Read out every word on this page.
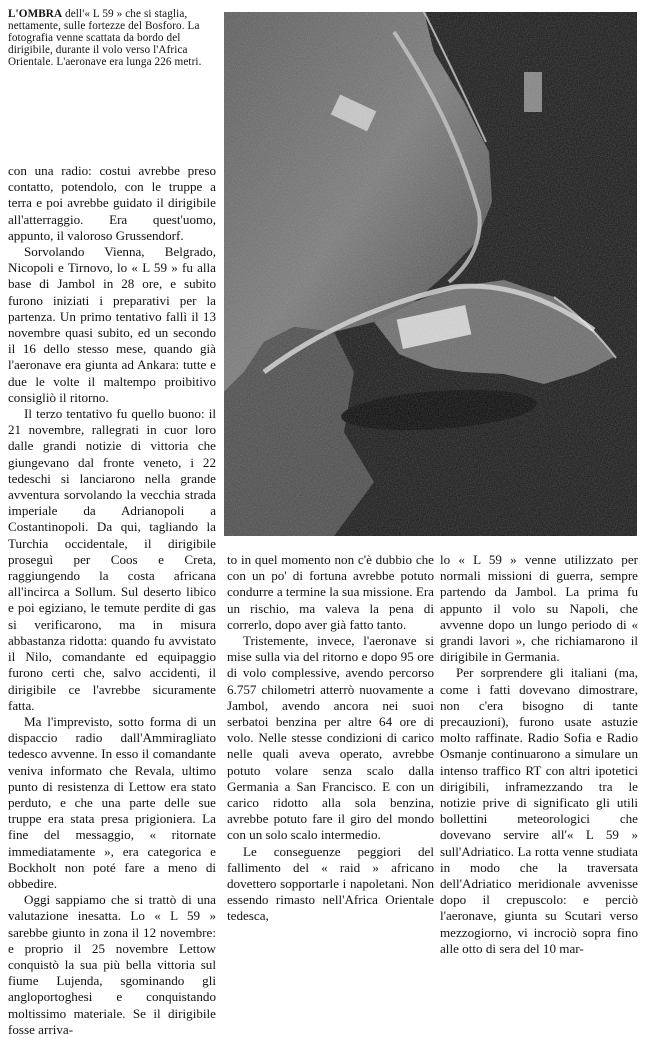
L'OMBRA dell'« L 59 » che si staglia, nettamente, sulle fortezze del Bosforo. La fotografia venne scattata da bordo del dirigibile, durante il volo verso l'Africa Orientale. L'aeronave era lunga 226 metri.

con una radio: costui avrebbe preso contatto, potendolo, con le truppe a terra e poi avrebbe guidato il dirigibile all'atterraggio. Era quest'uomo, appunto, il valoroso Grussendorf.

Sorvolando Vienna, Belgrado, Nicopoli e Tirnovo, lo « L 59 » fu alla base di Jambol in 28 ore, e subito furono iniziati i preparativi per la partenza. Un primo tentativo fallì il 13 novembre quasi subito, ed un secondo il 16 dello stesso mese, quando già l'aeronave era giunta ad Ankara: tutte e due le volte il maltempo proibitivo consigliò il ritorno.

Il terzo tentativo fu quello buono: il 21 novembre, rallegrati in cuor loro dalle grandi notizie di vittoria che giungevano dal fronte veneto, i 22 tedeschi si lanciarono nella grande avventura sorvolando la vecchia strada imperiale da Adrianopoli a Costantinopoli. Da qui, tagliando la Turchia occidentale, il dirigibile proseguì per Coos e Creta, raggiungendo la costa africana all'incirca a Sollum. Sul deserto libico e poi egiziano, le temute perdite di gas si verificarono, ma in misura abbastanza ridotta: quando fu avvistato il Nilo, comandante ed equipaggio furono certi che, salvo accidenti, il dirigibile ce l'avrebbe sicuramente fatta.

Ma l'imprevisto, sotto forma di un dispaccio radio dall'Ammiragliato tedesco avvenne. In esso il comandante veniva informato che Revala, ultimo punto di resistenza di Lettow era stato perduto, e che una parte delle sue truppe era stata presa prigioniera. La fine del messaggio, « ritornate immediatamente », era categorica e Bockholt non poté fare a meno di obbedire.

Oggi sappiamo che si trattò di una valutazione inesatta. Lo « L 59 » sarebbe giunto in zona il 12 novembre: e proprio il 25 novembre Lettow conquistò la sua più bella vittoria sul fiume Lujenda, sgominando gli angloportoghesi e conquistando moltissimo materiale. Se il dirigibile fosse arriva-

to in quel momento non c'è dubbio che con un po' di fortuna avrebbe potuto condurre a termine la sua missione. Era un rischio, ma valeva la pena di correrlo, dopo aver già fatto tanto.

Tristemente, invece, l'aeronave si mise sulla via del ritorno e dopo 95 ore di volo complessive, avendo percorso 6.757 chilometri atterrò nuovamente a Jambol, avendo ancora nei suoi serbatoi benzina per altre 64 ore di volo. Nelle stesse condizioni di carico nelle quali aveva operato, avrebbe potuto volare senza scalo dalla Germania a San Francisco. E con un carico ridotto alla sola benzina, avrebbe potuto fare il giro del mondo con un solo scalo intermedio.

Le conseguenze peggiori del fallimento del « raid » africano dovettero sopportarle i napoletani. Non essendo rimasto nell'Africa Orientale tedesca,

lo « L 59 » venne utilizzato per normali missioni di guerra, sempre partendo da Jambol. La prima fu appunto il volo su Napoli, che avvenne dopo un lungo periodo di « grandi lavori », che richiamarono il dirigibile in Germania.

Per sorprendere gli italiani (ma, come i fatti dovevano dimostrare, non c'era bisogno di tante precauzioni), furono usate astuzie molto raffinate. Radio Sofia e Radio Osmanje continuarono a simulare un intenso traffico RT con altri ipotetici dirigibili, inframezzando tra le notizie prive di significato gli utili bollettini meteorologici che dovevano servire all'« L 59 » sull'Adriatico. La rotta venne studiata in modo che la traversata dell'Adriatico meridionale avvenisse dopo il crepuscolo: e perciò l'aeronave, giunta su Scutari verso mezzogiorno, vi incrociò sopra fino alle otto di sera del 10 mar-
